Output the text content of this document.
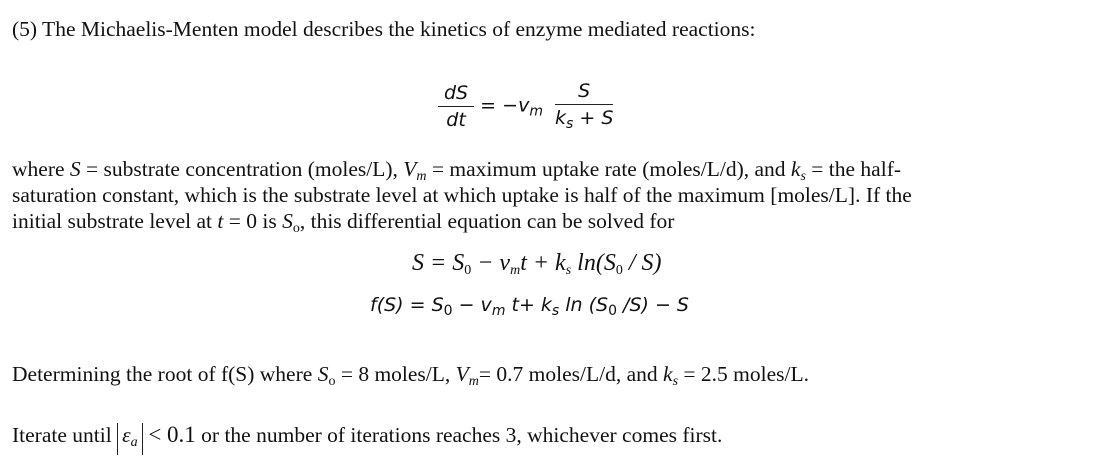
(5) The Michaelis-Menten model describes the kinetics of enzyme mediated reactions:
$\frac{dS}{dt} = -v_m \frac{S}{k_s + S}$
where S = substrate concentration (moles/L), $V_m$ = maximum uptake rate (moles/L/d), and $k_s$ = the half-
saturation constant, which is the substrate level at which uptake is half of the maximum [moles/L]. If the
initial substrate level at t = 0 is $S_o$, this differential equation can be solved for
$S = S_0 - v_mt + k_s$ $\ln(S_0 / S)$
$f(S) = S_0 - v_m$ $t+ k_s$ $\ln (S_0$ /S) − S
Determining the root of f(S) where $S_o = 8$ moles/L, $V_m= 0.7$ moles/L/d, and $k_s = 2.5$ moles/L.
Iterate until $\varepsilon_a < 0.1$ or the number of iterations reaches 3, whichever comes first.
